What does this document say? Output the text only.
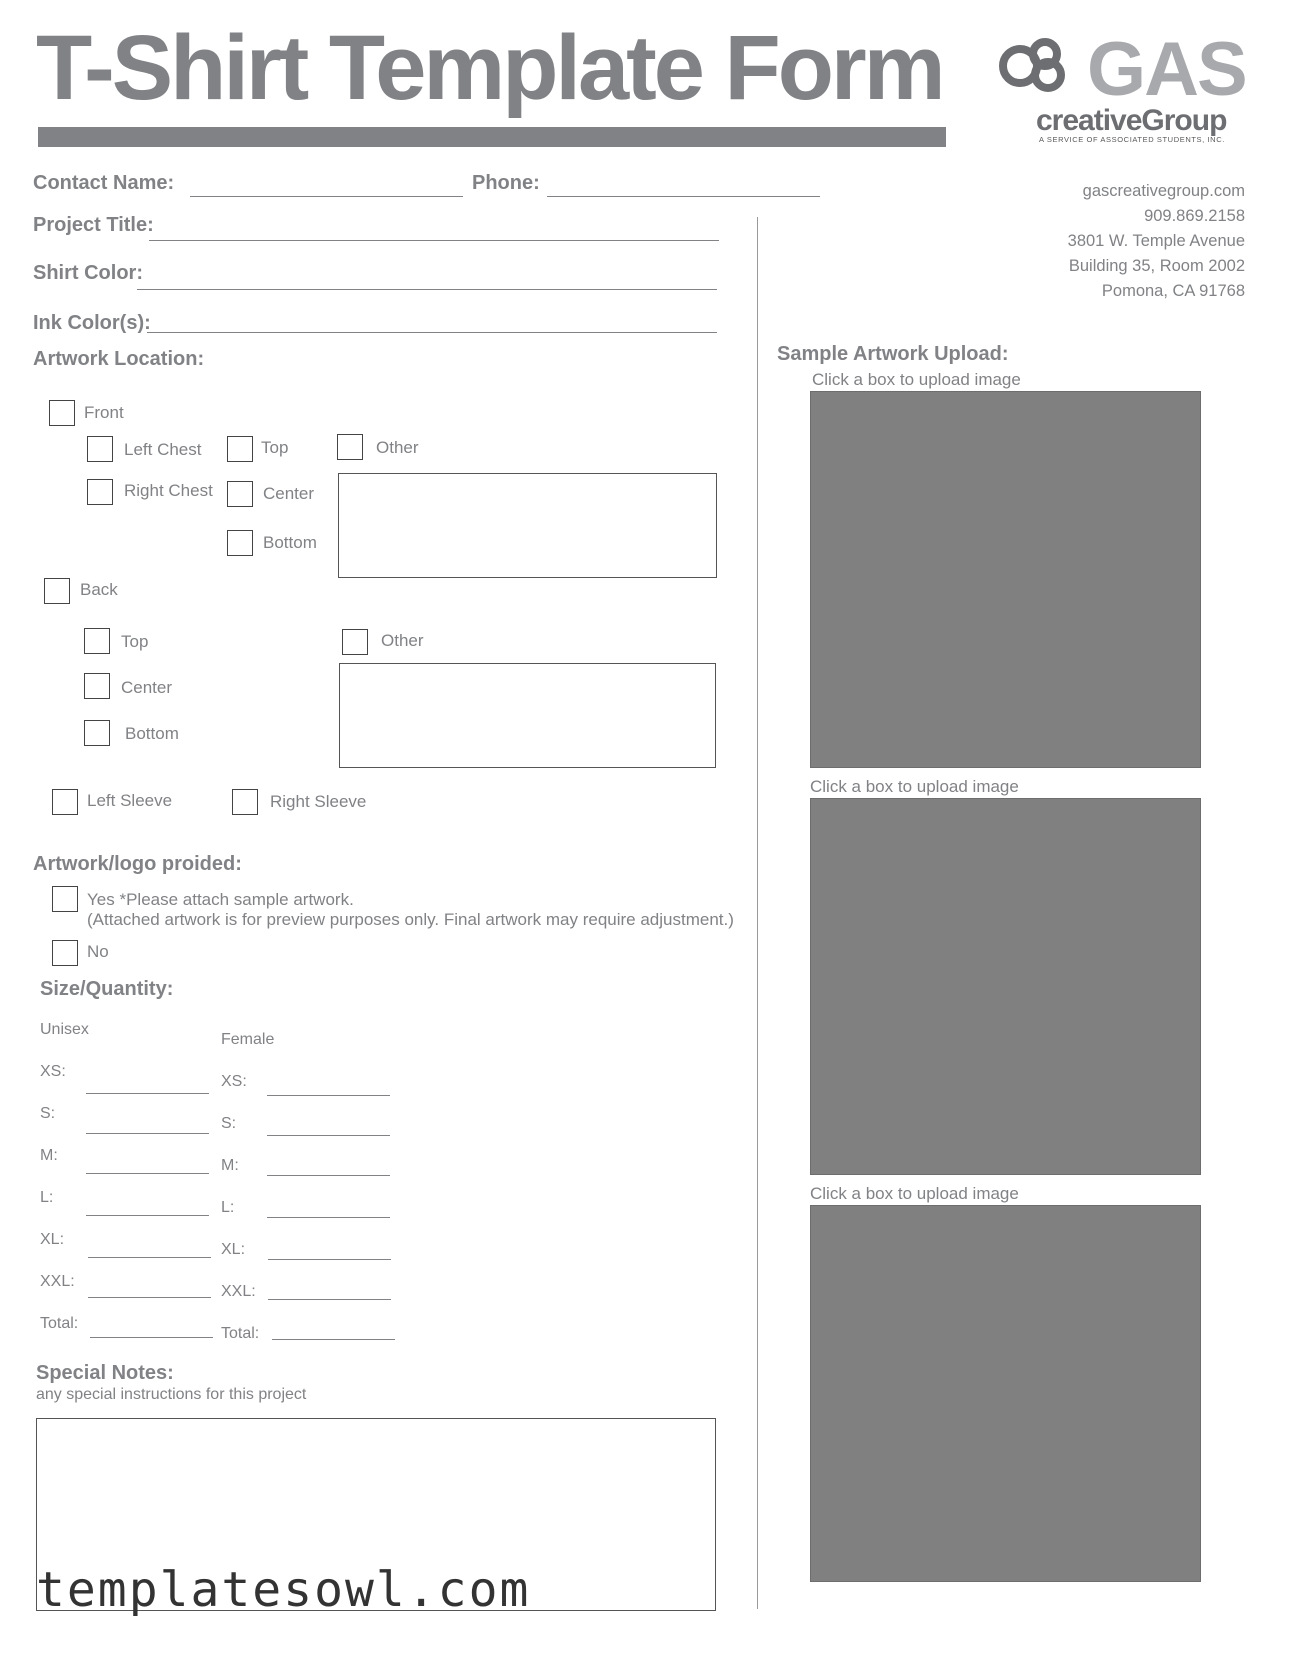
T-Shirt Template Form GAS
creativeGroup
A SERVICE OF ASSOCIATED STUDENTS, INC.
gascreativegroup.com
909.869.2158
3801 W. Temple Avenue
Building 35, Room 2002
Pomona, CA 91768
Contact Name:	Phone:
Project Title:
Shirt Color:
Ink Color(s):
Artwork Location:
Front
Left Chest
Right Chest
Top
Center
Bottom
Other
Back
Top
Center
Bottom
Other
Left Sleeve	Right Sleeve
Artwork/logo proided:
Yes *Please attach sample artwork.
(Attached artwork is for preview purposes only. Final artwork may require adjustment.)
No
Size/Quantity:
Unisex
Female
XS:
S:
M:
L:
XL:
XXL:
Total:
XS:
S:
M:
L:
XL:
XXL:
Total:
Special Notes:
any special instructions for this project
Sample Artwork Upload:
Click a box to upload image
Click a box to upload image
Click a box to upload image
templatesowl.com
